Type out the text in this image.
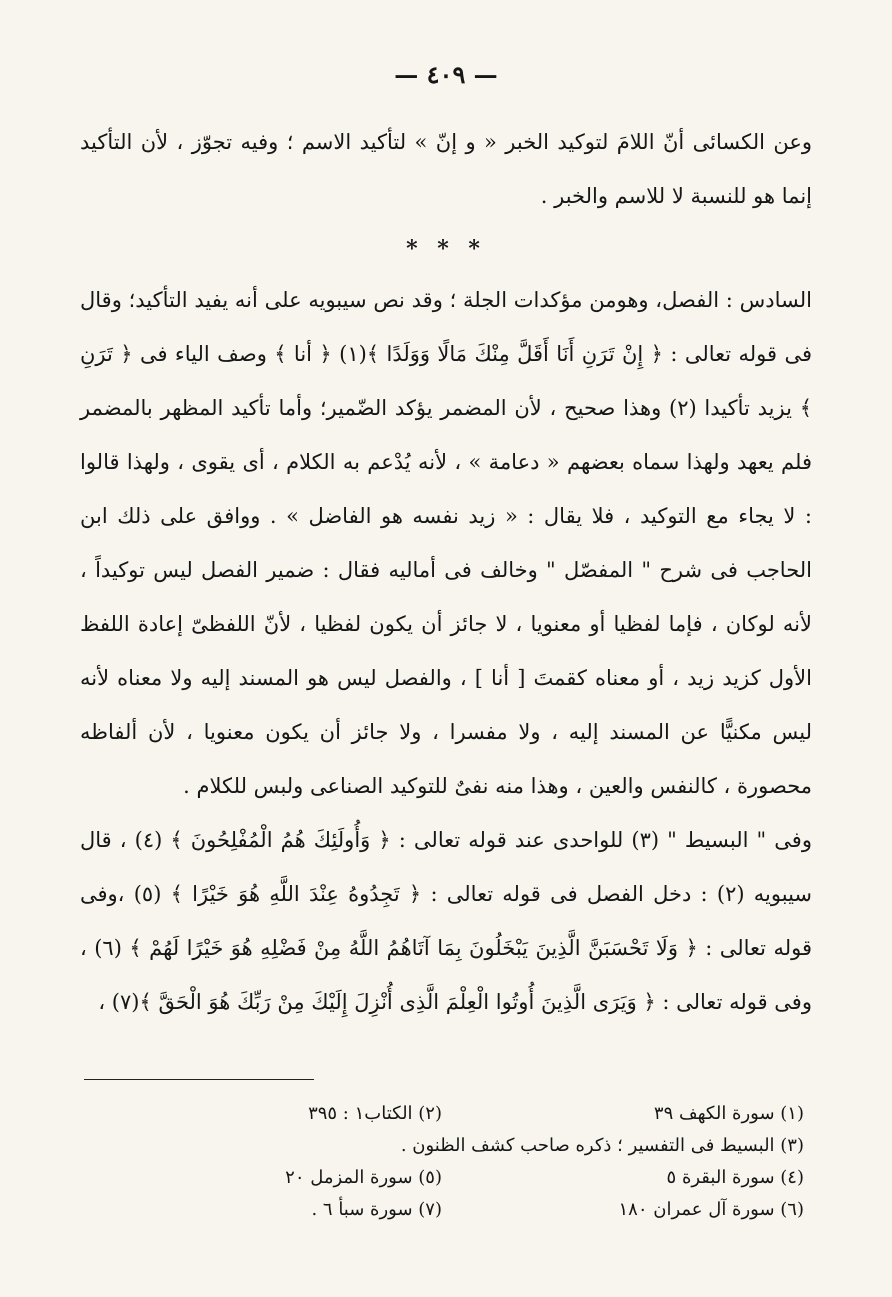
— ٤٠٩ —

وعن الكسائى أنّ اللامَ لتوكيد الخبر « و إنّ » لتأكيد الاسم ؛ وفيه تجوّز ، لأن التأكيد إنما هو للنسبة لا للاسم والخبر .

* * *

السادس : الفصل، وهومن مؤكدات الجلة ؛ وقد نص سيبويه على أنه يفيد التأكيد؛ وقال فى قوله تعالى : ﴿ إِنْ تَرَنِ أَنَا أَقَلَّ مِنْكَ مَالًا وَوَلَدًا ﴾(١) ﴿ أنا ﴾ وصف الياء فى ﴿ تَرَنِ ﴾ يزيد تأكيدا (٢) وهذا صحيح ، لأن المضمر يؤكد الضّمير؛ وأما تأكيد المظهر بالمضمر فلم يعهد ولهذا سماه بعضهم « دعامة » ، لأنه يُدْعم به الكلام ، أى يقوى ، ولهذا قالوا : لا يجاء مع التوكيد ، فلا يقال : « زيد نفسه هو الفاضل » . ووافق على ذلك ابن الحاجب فى شرح " المفصّل " وخالف فى أماليه فقال : ضمير الفصل ليس توكيداً ، لأنه لوكان ، فإما لفظيا أو معنويا ، لا جائز أن يكون لفظيا ، لأنّ اللفظىّ إعادة اللفظ الأول كزيد زيد ، أو معناه كقمتَ [ أنا ] ، والفصل ليس هو المسند إليه ولا معناه لأنه ليس مكنيًّا عن المسند إليه ، ولا مفسرا ، ولا جائز أن يكون معنويا ، لأن ألفاظه محصورة ، كالنفس والعين ، وهذا منه نفىٌ للتوكيد الصناعى ولبس للكلام .

وفى " البسيط " (٣) للواحدى عند قوله تعالى : ﴿ وَأُولَئِكَ هُمُ الْمُفْلِحُونَ ﴾ (٤) ، قال سيبويه (٢) : دخل الفصل فى قوله تعالى : ﴿ تَجِدُوهُ عِنْدَ اللَّهِ هُوَ خَيْرًا ﴾ (٥) ،وفى قوله تعالى : ﴿ وَلَا تَحْسَبَنَّ الَّذِينَ يَبْخَلُونَ بِمَا آتَاهُمُ اللَّهُ مِنْ فَضْلِهِ هُوَ خَيْرًا لَهُمْ ﴾ (٦) ، وفى قوله تعالى : ﴿ وَيَرَى الَّذِينَ أُوتُوا الْعِلْمَ الَّذِى أُنْزِلَ إِلَيْكَ مِنْ رَبِّكَ هُوَ الْحَقَّ ﴾(٧) ،

(١) سورة الكهف ٣٩
(٢) الكتاب١ : ٣٩٥
(٣) البسيط فى التفسير ؛ ذكره صاحب كشف الظنون .
(٤) سورة البقرة ٥
(٥) سورة المزمل ٢٠
(٦) سورة آل عمران ١٨٠
(٧) سورة سبأ ٦ .
